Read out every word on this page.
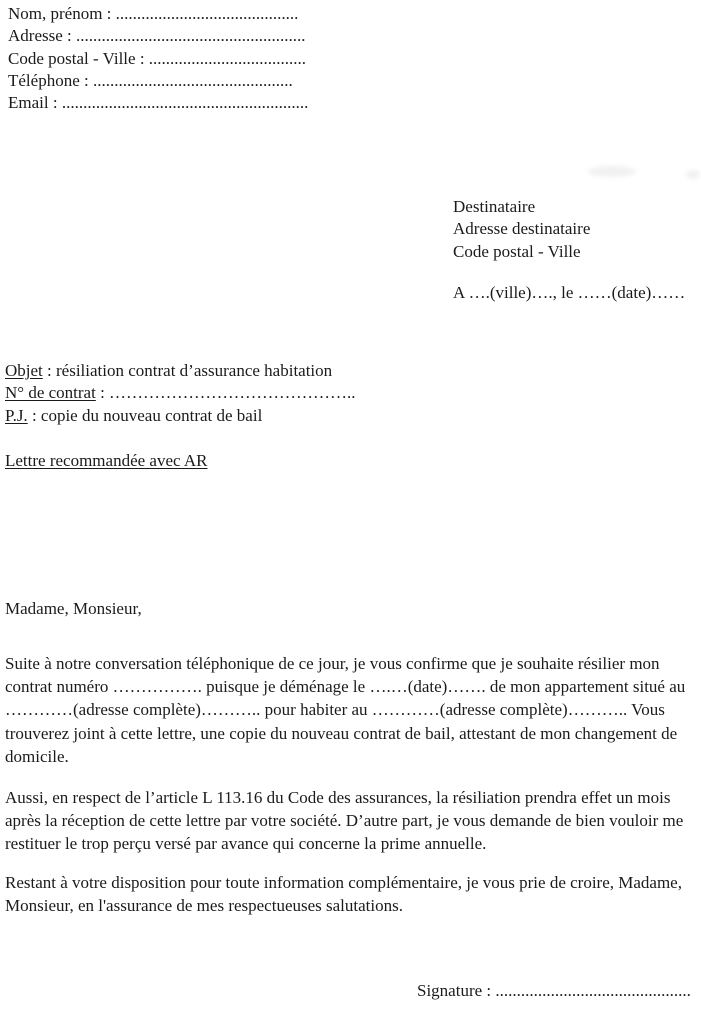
Nom, prénom : ...........................................
Adresse : ......................................................
Code postal - Ville : .....................................
Téléphone : ...............................................
Email : ..........................................................
Destinataire
Adresse destinataire
Code postal - Ville
A ….(ville)…., le ……(date)……
Objet : résiliation contrat d’assurance habitation
N° de contrat : ……………………………………..
P.J. : copie du nouveau contrat de bail
Lettre recommandée avec AR
Madame, Monsieur,

Suite à notre conversation téléphonique de ce jour, je vous confirme que je souhaite résilier mon contrat numéro ……………. puisque je déménage le ….…(date)……. de mon appartement situé au …………(adresse complète)……….. pour habiter au …………(adresse complète)……….. Vous trouverez joint à cette lettre, une copie du nouveau contrat de bail, attestant de mon changement de domicile.

Aussi, en respect de l’article L 113.16 du Code des assurances, la résiliation prendra effet un mois après la réception de cette lettre par votre société. D’autre part, je vous demande de bien vouloir me restituer le trop perçu versé par avance qui concerne la prime annuelle.

Restant à votre disposition pour toute information complémentaire, je vous prie de croire, Madame, Monsieur, en l'assurance de mes respectueuses salutations.

Signature : ..............................................
